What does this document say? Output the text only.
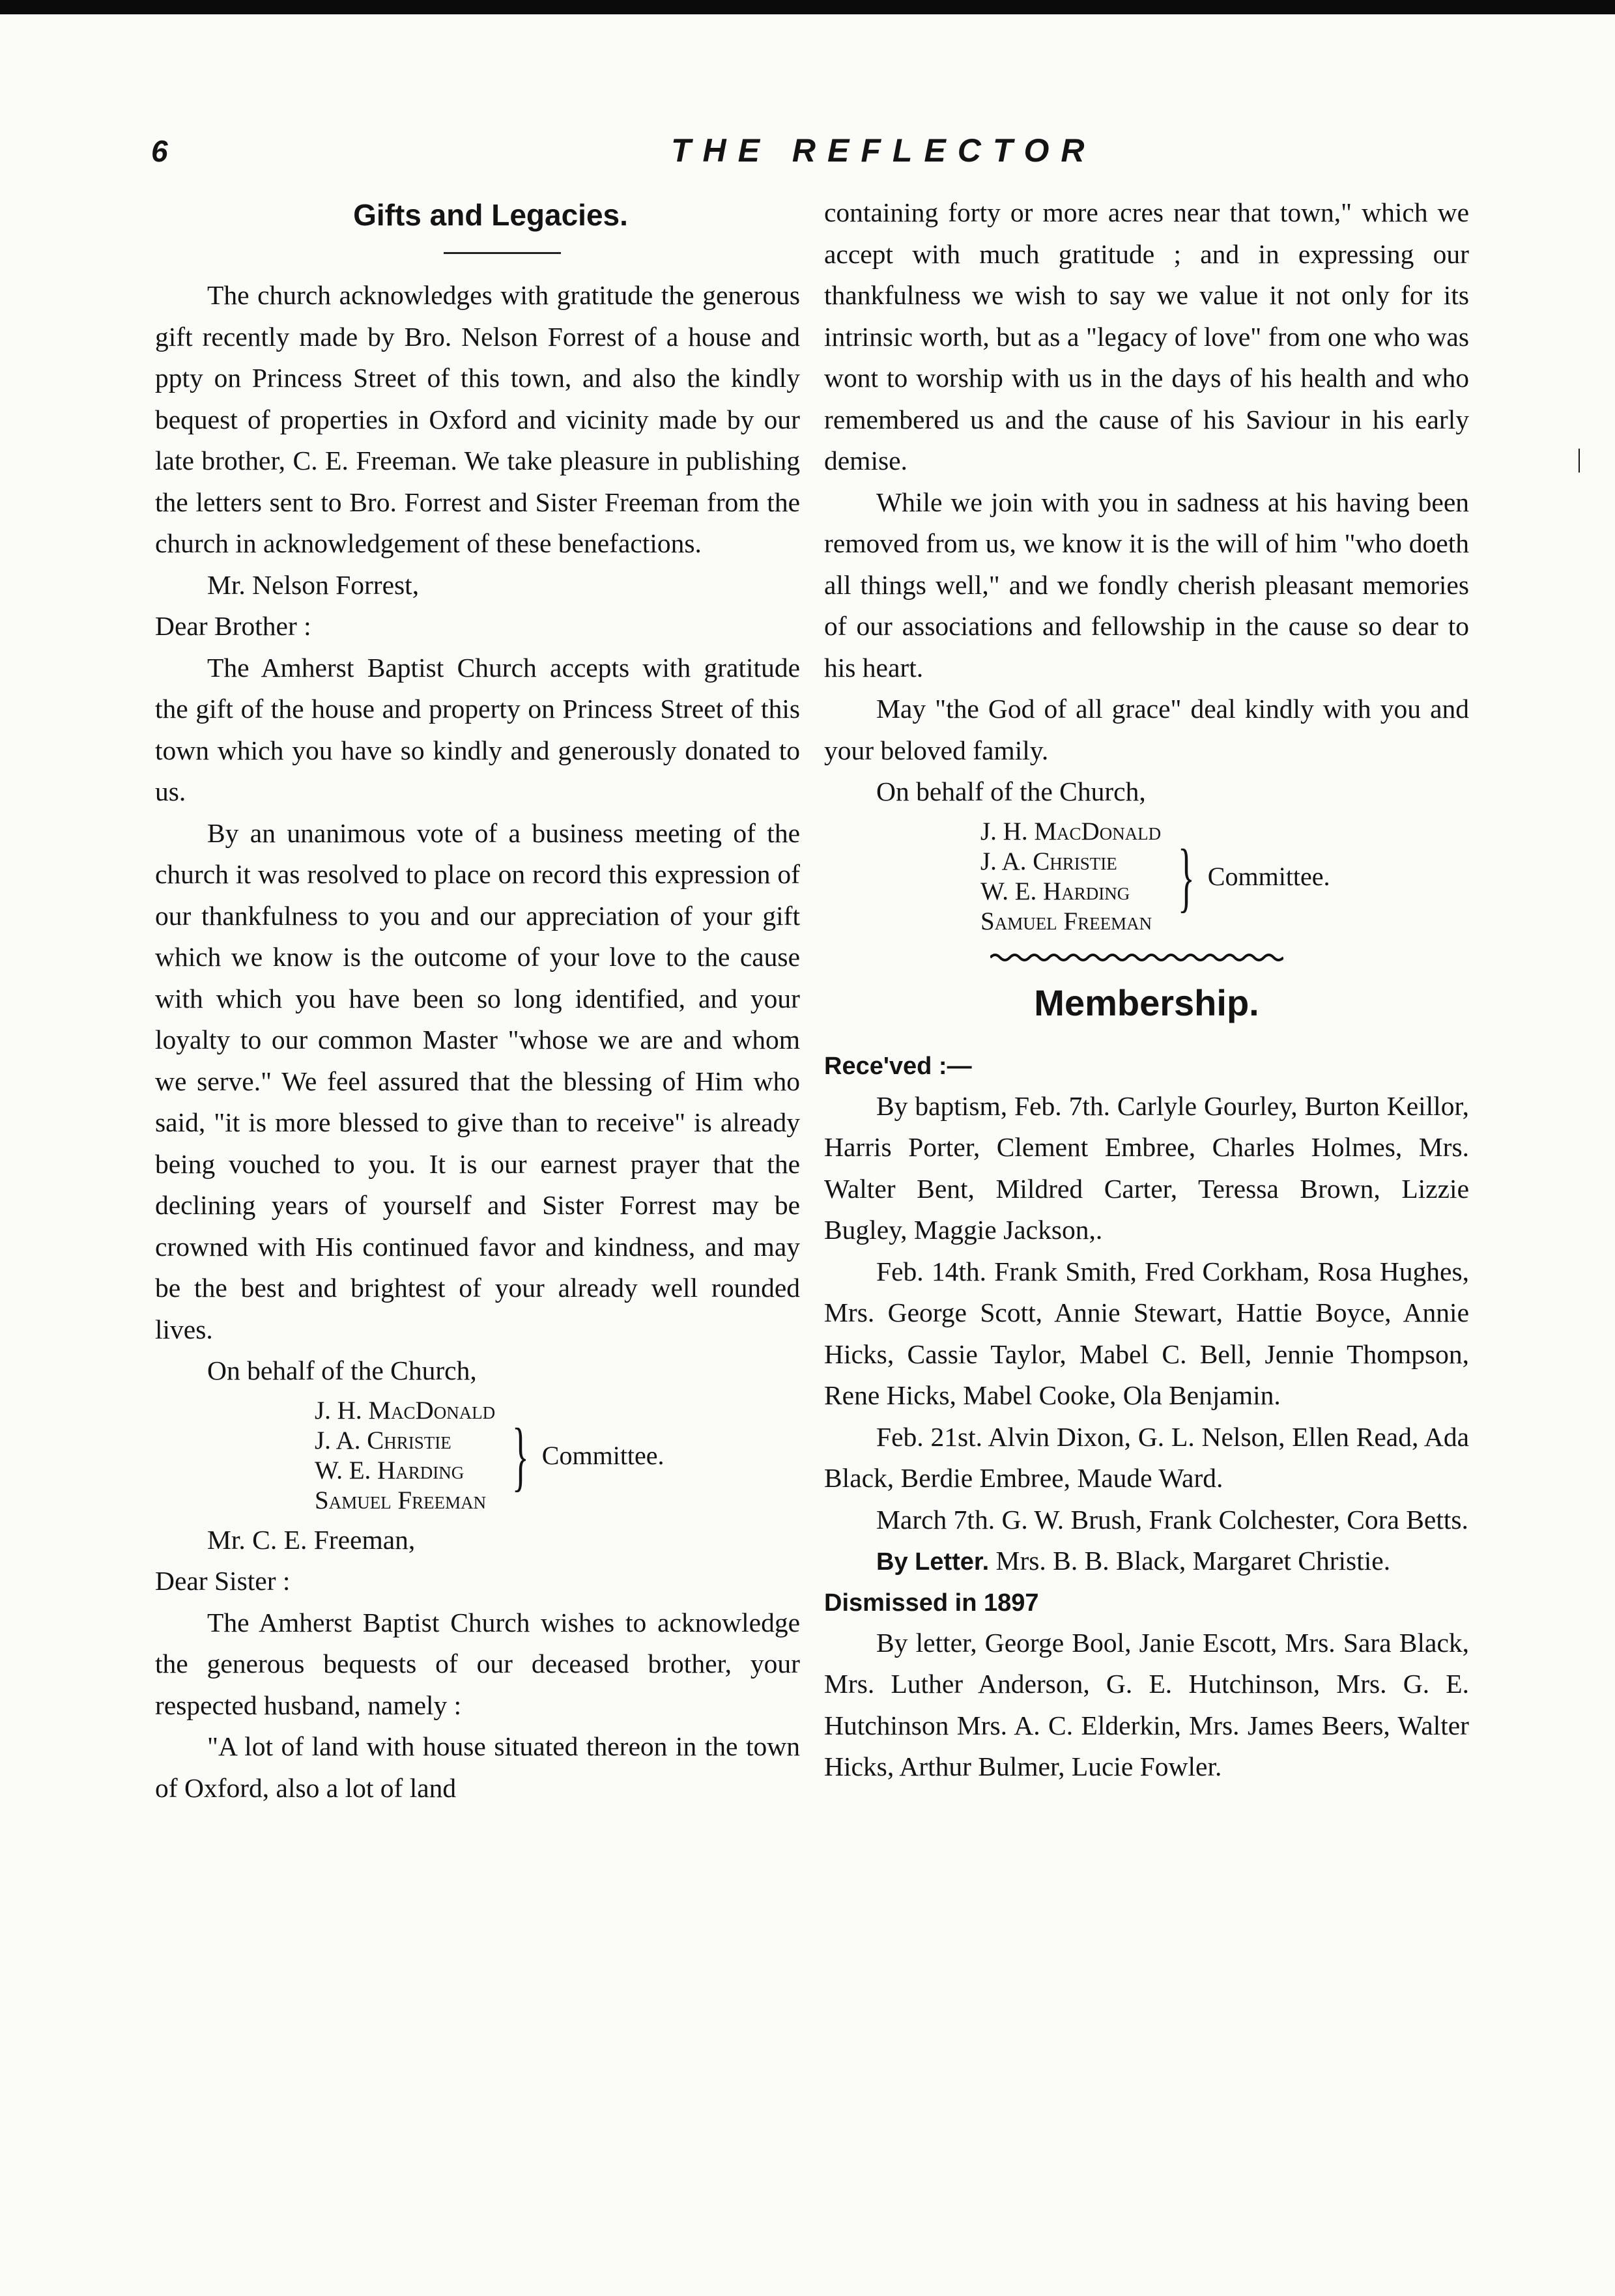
6	THE REFLECTOR
Gifts and Legacies.

The church acknowledges with gratitude the generous gift recently made by Bro. Nelson Forrest of a house and ppty on Princess Street of this town, and also the kindly bequest of properties in Oxford and vicinity made by our late brother, C. E. Freeman. We take pleasure in publishing the letters sent to Bro. Forrest and Sister Freeman from the church in acknowledgement of these benefactions.

Mr. Nelson Forrest,

Dear Brother :

The Amherst Baptist Church accepts with gratitude the gift of the house and property on Princess Street of this town which you have so kindly and generously donated to us.

By an unanimous vote of a business meeting of the church it was resolved to place on record this expression of our thankfulness to you and our appreciation of your gift which we know is the outcome of your love to the cause with which you have been so long identified, and your loyalty to our common Master "whose we are and whom we serve." We feel assured that the blessing of Him who said, "it is more blessed to give than to receive" is already being vouched to you. It is our earnest prayer that the declining years of yourself and Sister Forrest may be crowned with His continued favor and kindness, and may be the best and brightest of your already well rounded lives.

On behalf of the Church,

J. H. MacDonald
J. A. Christie
W. E. Harding
Samuel Freeman
} Committee.

Mr. C. E. Freeman,

Dear Sister :

The Amherst Baptist Church wishes to acknowledge the generous bequests of our deceased brother, your respected husband, namely :

"A lot of land with house situated thereon in the town of Oxford, also a lot of land

containing forty or more acres near that town," which we accept with much gratitude ; and in expressing our thankfulness we wish to say we value it not only for its intrinsic worth, but as a "legacy of love" from one who was wont to worship with us in the days of his health and who remembered us and the cause of his Saviour in his early demise.

While we join with you in sadness at his having been removed from us, we know it is the will of him "who doeth all things well," and we fondly cherish pleasant memories of our associations and fellowship in the cause so dear to his heart.

May "the God of all grace" deal kindly with you and your beloved family.

On behalf of the Church,

J. H. MacDonald
J. A. Christie
W. E. Harding
Samuel Freeman
} Committee.
Membership.
Rece'ved :—

By baptism, Feb. 7th. Carlyle Gourley, Burton Keillor, Harris Porter, Clement Embree, Charles Holmes, Mrs. Walter Bent, Mildred Carter, Teressa Brown, Lizzie Bugley, Maggie Jackson,.

Feb. 14th. Frank Smith, Fred Corkham, Rosa Hughes, Mrs. George Scott, Annie Stewart, Hattie Boyce, Annie Hicks, Cassie Taylor, Mabel C. Bell, Jennie Thompson, Rene Hicks, Mabel Cooke, Ola Benjamin.

Feb. 21st. Alvin Dixon, G. L. Nelson, Ellen Read, Ada Black, Berdie Embree, Maude Ward.

March 7th. G. W. Brush, Frank Colchester, Cora Betts.

By Letter. Mrs. B. B. Black, Margaret Christie.

Dismissed in 1897

By letter, George Bool, Janie Escott, Mrs. Sara Black, Mrs. Luther Anderson, G. E. Hutchinson, Mrs. G. E. Hutchinson Mrs. A. C. Elderkin, Mrs. James Beers, Walter Hicks, Arthur Bulmer, Lucie Fowler.

|
